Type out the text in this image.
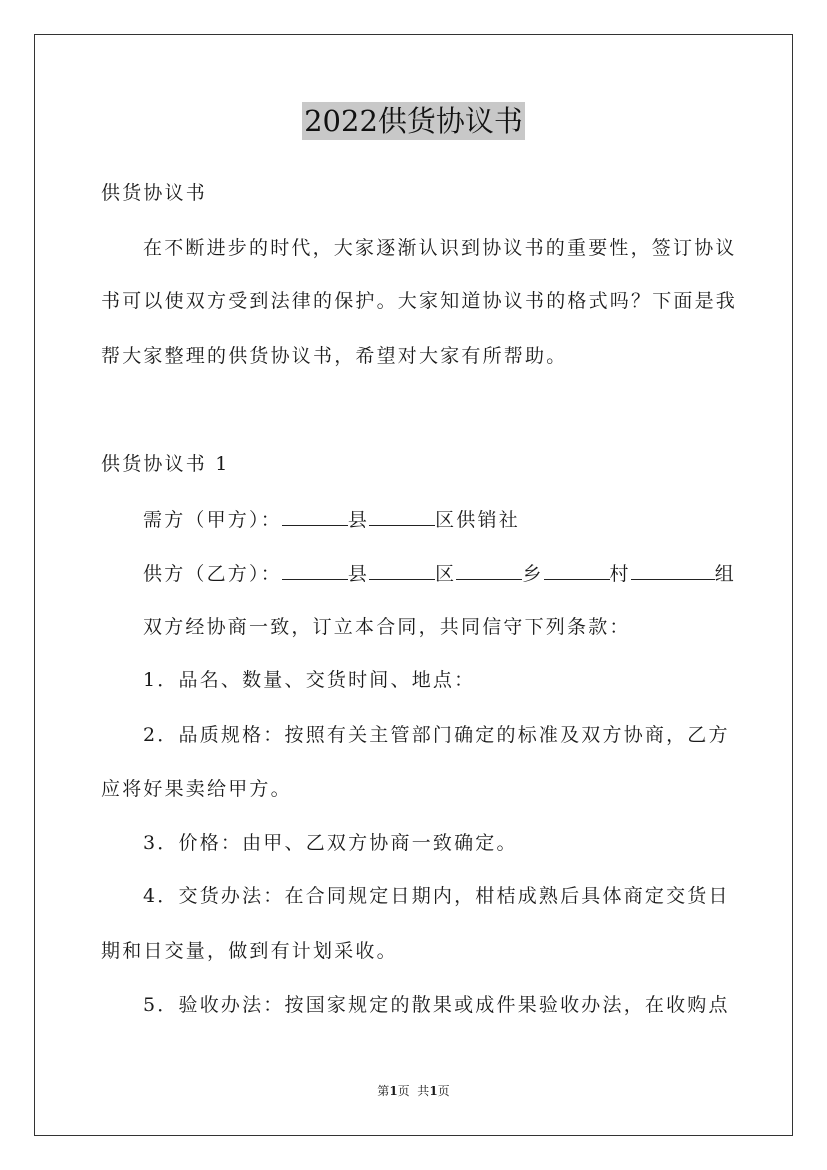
2022供货协议书
供货协议书
在不断进步的时代，大家逐渐认识到协议书的重要性，签订协议
书可以使双方受到法律的保护。大家知道协议书的格式吗？下面是我
帮大家整理的供货协议书，希望对大家有所帮助。
供货协议书 1
需方（甲方）：	县	区供销社
供方（乙方）：	县	区	乡	村	组
双方经协商一致，订立本合同，共同信守下列条款：
1．品名、数量、交货时间、地点：
2．品质规格：按照有关主管部门确定的标准及双方协商，乙方
应将好果卖给甲方。
3．价格：由甲、乙双方协商一致确定。
4．交货办法：在合同规定日期内，柑桔成熟后具体商定交货日
期和日交量，做到有计划采收。
5．验收办法：按国家规定的散果或成件果验收办法，在收购点
第1页  共1页
